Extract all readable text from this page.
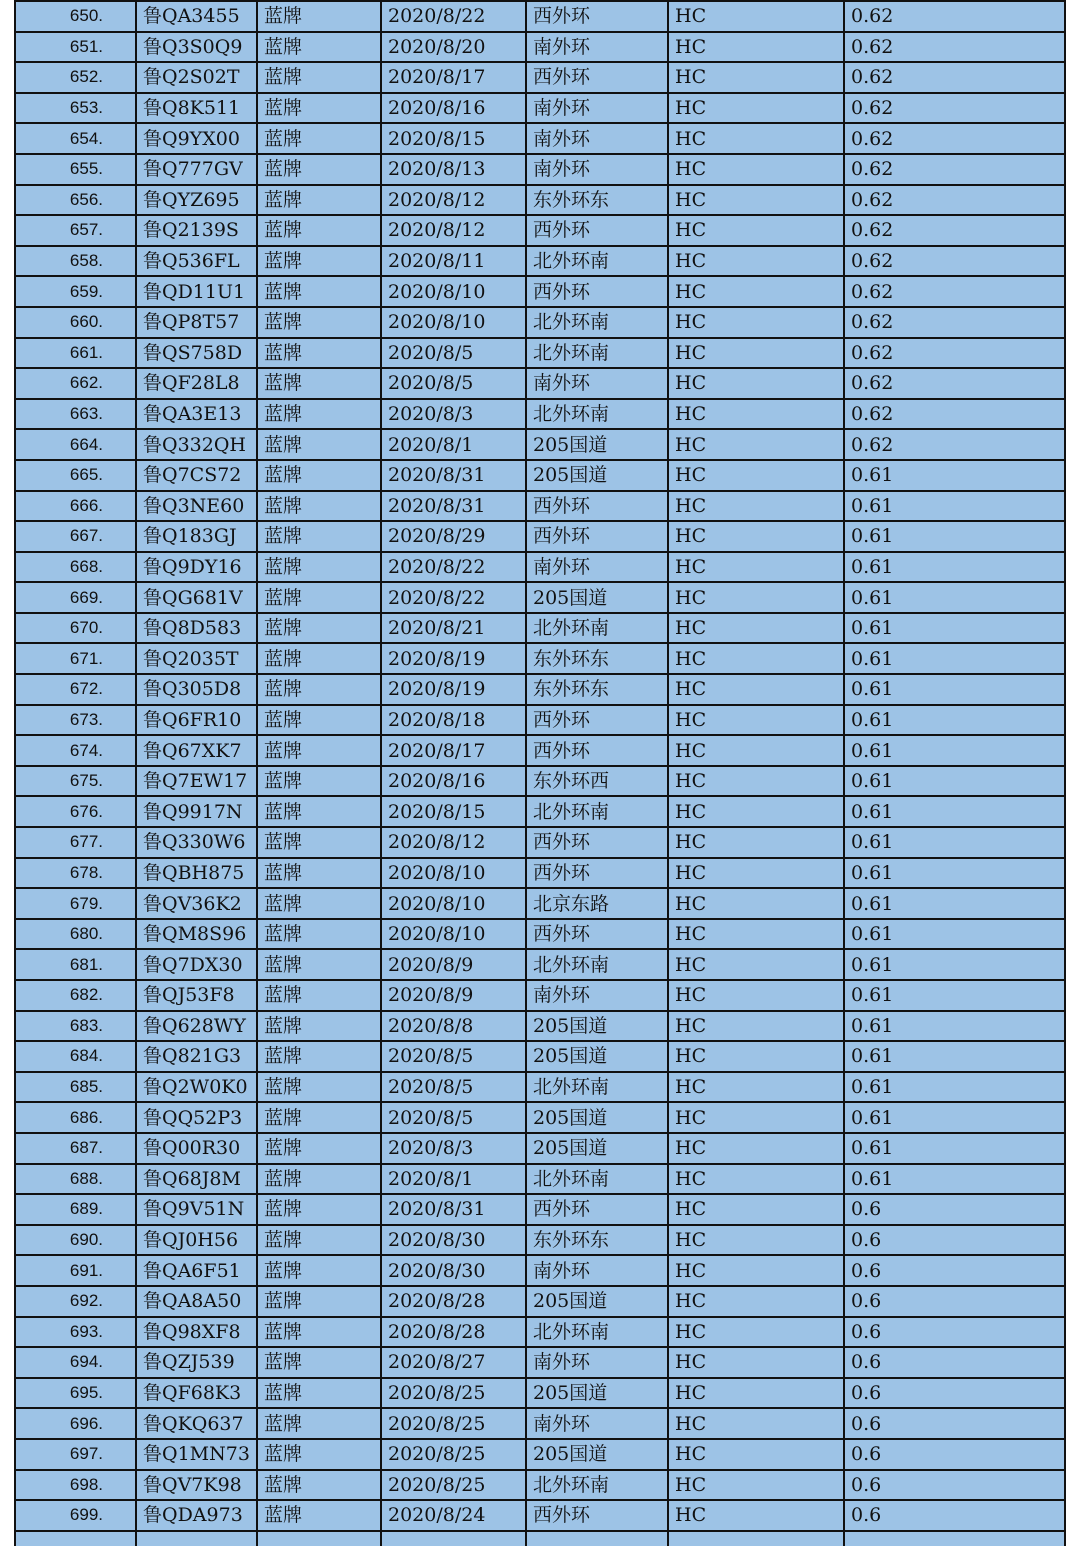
650.	鲁QA3455	蓝牌	2020/8/22	西外环	HC	0.62
651.	鲁Q3S0Q9	蓝牌	2020/8/20	南外环	HC	0.62
652.	鲁Q2S02T	蓝牌	2020/8/17	西外环	HC	0.62
653.	鲁Q8K511	蓝牌	2020/8/16	南外环	HC	0.62
654.	鲁Q9YX00	蓝牌	2020/8/15	南外环	HC	0.62
655.	鲁Q777GV	蓝牌	2020/8/13	南外环	HC	0.62
656.	鲁QYZ695	蓝牌	2020/8/12	东外环东	HC	0.62
657.	鲁Q2139S	蓝牌	2020/8/12	西外环	HC	0.62
658.	鲁Q536FL	蓝牌	2020/8/11	北外环南	HC	0.62
659.	鲁QD11U1	蓝牌	2020/8/10	西外环	HC	0.62
660.	鲁QP8T57	蓝牌	2020/8/10	北外环南	HC	0.62
661.	鲁QS758D	蓝牌	2020/8/5	北外环南	HC	0.62
662.	鲁QF28L8	蓝牌	2020/8/5	南外环	HC	0.62
663.	鲁QA3E13	蓝牌	2020/8/3	北外环南	HC	0.62
664.	鲁Q332QH	蓝牌	2020/8/1	205国道	HC	0.62
665.	鲁Q7CS72	蓝牌	2020/8/31	205国道	HC	0.61
666.	鲁Q3NE60	蓝牌	2020/8/31	西外环	HC	0.61
667.	鲁Q183GJ	蓝牌	2020/8/29	西外环	HC	0.61
668.	鲁Q9DY16	蓝牌	2020/8/22	南外环	HC	0.61
669.	鲁QG681V	蓝牌	2020/8/22	205国道	HC	0.61
670.	鲁Q8D583	蓝牌	2020/8/21	北外环南	HC	0.61
671.	鲁Q2035T	蓝牌	2020/8/19	东外环东	HC	0.61
672.	鲁Q305D8	蓝牌	2020/8/19	东外环东	HC	0.61
673.	鲁Q6FR10	蓝牌	2020/8/18	西外环	HC	0.61
674.	鲁Q67XK7	蓝牌	2020/8/17	西外环	HC	0.61
675.	鲁Q7EW17	蓝牌	2020/8/16	东外环西	HC	0.61
676.	鲁Q9917N	蓝牌	2020/8/15	北外环南	HC	0.61
677.	鲁Q330W6	蓝牌	2020/8/12	西外环	HC	0.61
678.	鲁QBH875	蓝牌	2020/8/10	西外环	HC	0.61
679.	鲁QV36K2	蓝牌	2020/8/10	北京东路	HC	0.61
680.	鲁QM8S96	蓝牌	2020/8/10	西外环	HC	0.61
681.	鲁Q7DX30	蓝牌	2020/8/9	北外环南	HC	0.61
682.	鲁QJ53F8	蓝牌	2020/8/9	南外环	HC	0.61
683.	鲁Q628WY	蓝牌	2020/8/8	205国道	HC	0.61
684.	鲁Q821G3	蓝牌	2020/8/5	205国道	HC	0.61
685.	鲁Q2W0K0	蓝牌	2020/8/5	北外环南	HC	0.61
686.	鲁QQ52P3	蓝牌	2020/8/5	205国道	HC	0.61
687.	鲁Q00R30	蓝牌	2020/8/3	205国道	HC	0.61
688.	鲁Q68J8M	蓝牌	2020/8/1	北外环南	HC	0.61
689.	鲁Q9V51N	蓝牌	2020/8/31	西外环	HC	0.6
690.	鲁QJ0H56	蓝牌	2020/8/30	东外环东	HC	0.6
691.	鲁QA6F51	蓝牌	2020/8/30	南外环	HC	0.6
692.	鲁QA8A50	蓝牌	2020/8/28	205国道	HC	0.6
693.	鲁Q98XF8	蓝牌	2020/8/28	北外环南	HC	0.6
694.	鲁QZJ539	蓝牌	2020/8/27	南外环	HC	0.6
695.	鲁QF68K3	蓝牌	2020/8/25	205国道	HC	0.6
696.	鲁QKQ637	蓝牌	2020/8/25	南外环	HC	0.6
697.	鲁Q1MN73	蓝牌	2020/8/25	205国道	HC	0.6
698.	鲁QV7K98	蓝牌	2020/8/25	北外环南	HC	0.6
699.	鲁QDA973	蓝牌	2020/8/24	西外环	HC	0.6
